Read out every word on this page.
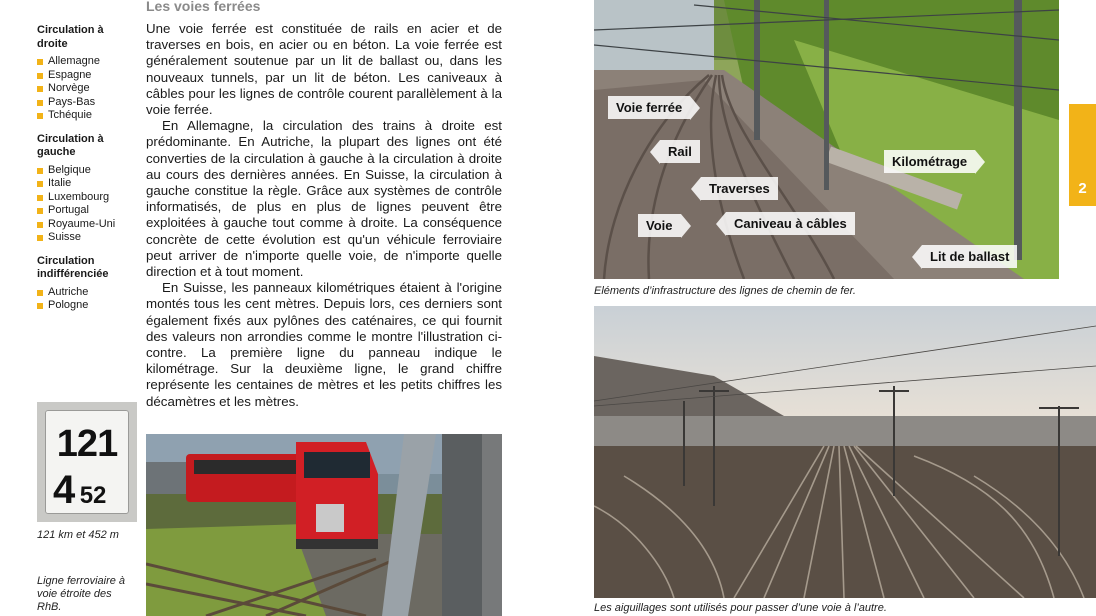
Circulation à droite
Allemagne
Espagne
Norvège
Pays-Bas
Tchéquie
Circulation à gauche
Belgique
Italie
Luxembourg
Portugal
Royaume-Uni
Suisse
Circulation indifférenciée
Autriche
Pologne
Les voies ferrées

Une voie ferrée est constituée de rails en acier et de traverses en bois, en acier ou en béton. La voie ferrée est généralement soutenue par un lit de ballast ou, dans les nouveaux tunnels, par un lit de béton. Les caniveaux à câbles pour les lignes de contrôle courent parallèlement à la voie ferrée.

En Allemagne, la circulation des trains à droite est prédominante. En Autriche, la plupart des lignes ont été converties de la circulation à gauche à la circulation à droite au cours des dernières années. En Suisse, la circulation à gauche constitue la règle. Grâce aux systèmes de contrôle informatisés, de plus en plus de lignes peuvent être exploitées à gauche tout comme à droite. La conséquence concrète de cette évolution est qu'un véhicule ferroviaire peut arriver de n'importe quelle voie, de n'importe quelle direction et à tout moment.

En Suisse, les panneaux kilométriques étaient à l'origine montés tous les cent mètres. Depuis lors, ces derniers sont également fixés aux pylônes des caténaires, ce qui fournit des valeurs non arrondies comme le montre l'illustration ci-contre. La première ligne du panneau indique le kilométrage. Sur la deuxième ligne, le grand chiffre représente les centaines de mètres et les petits chiffres les décamètres et les mètres.

121
4 52
121 km et 452 m
Ligne ferroviaire à voie étroite des RhB.
Voie ferrée
Rail
Traverses
Voie	Caniveau à câbles
Kilométrage
Lit de ballast
Eléments d’infrastructure des lignes de chemin de fer.
Les aiguillages sont utilisés pour passer d’une voie à l’autre.
2
